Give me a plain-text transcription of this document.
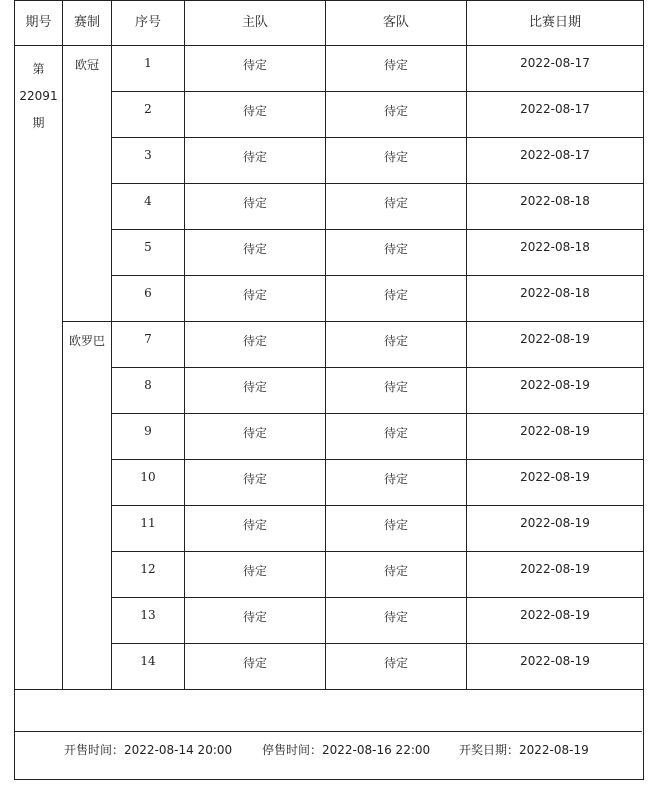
期号	赛制	序号	主队	客队	比赛日期

第
22091
期	欧冠	1	待定	待定	2022-08-17
		2	待定	待定	2022-08-17
		3	待定	待定	2022-08-17
		4	待定	待定	2022-08-18
		5	待定	待定	2022-08-18
		6	待定	待定	2022-08-18
	欧罗巴	7	待定	待定	2022-08-19
		8	待定	待定	2022-08-19
		9	待定	待定	2022-08-19
		10	待定	待定	2022-08-19
		11	待定	待定	2022-08-19
		12	待定	待定	2022-08-19
		13	待定	待定	2022-08-19
		14	待定	待定	2022-08-19
开售时间：2022-08-14 20:00 停售时间：2022-08-16 22:00 开奖日期：2022-08-19
